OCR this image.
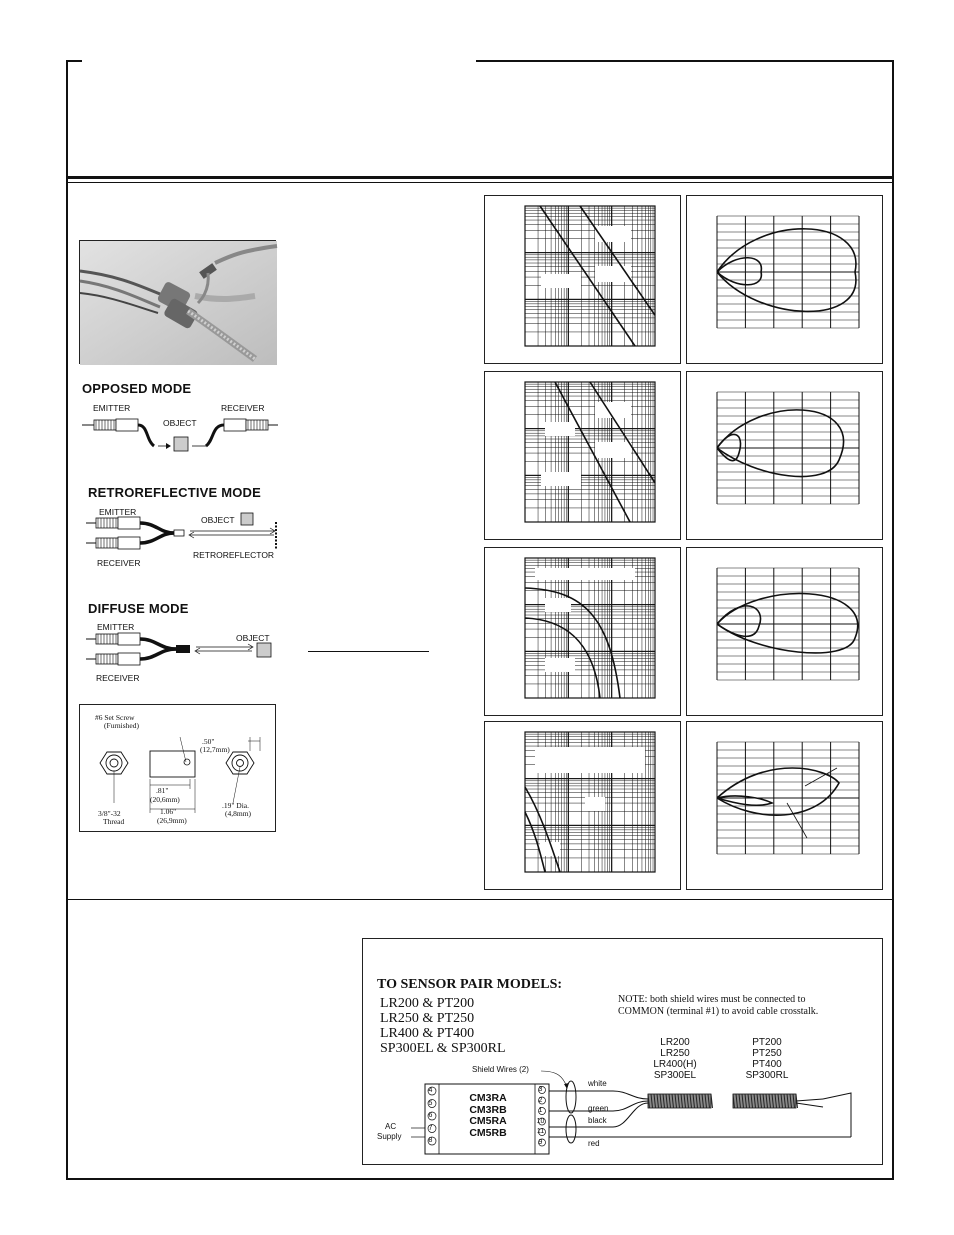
OPPOSED MODE
EMITTER
OBJECT
RECEIVER
RETROREFLECTIVE MODE
EMITTER
RECEIVER
OBJECT
RETROREFLECTOR
DIFFUSE MODE
EMITTER
RECEIVER
OBJECT
#6 Set Screw
(Furnished)
.50"
(12,7mm)
.81"
(20,6mm)
1.06"
(26,9mm)
3/8"-32
Thread
.19" Dia.
(4,8mm)
TO SENSOR PAIR MODELS:
LR200 & PT200
LR250 & PT250
LR400 & PT400
SP300EL & SP300RL
NOTE: both shield wires must be connected to
COMMON (terminal #1) to avoid cable crosstalk.
LR200
LR250
LR400(H)
SP300EL
PT200
PT250
PT400
SP300RL
Shield Wires (2)
white
green
black
red
CM3RA
CM3RB
CM5RA
CM5RB
4
5
6
7
8
3
2
1
10
11
9
AC
Supply
